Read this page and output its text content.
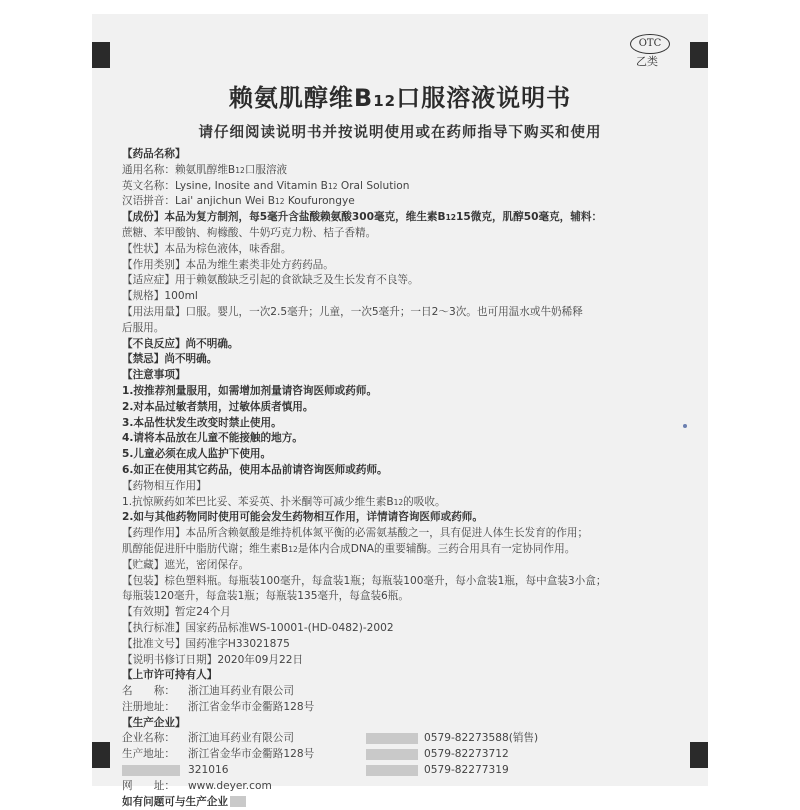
OTC
乙类
赖氨肌醇维B12口服溶液说明书
请仔细阅读说明书并按说明使用或在药师指导下购买和使用
【药品名称】
通用名称：赖氨肌醇维B12口服溶液
英文名称：Lysine, Inosite and Vitamin B12 Oral Solution
汉语拼音：Lai' anjichun Wei B12 Koufurongye
【成份】本品为复方制剂，每5毫升含盐酸赖氨酸300毫克，维生素B1215微克，肌醇50毫克，辅料：
蔗糖、苯甲酸钠、枸橼酸、牛奶巧克力粉、桔子香精。
【性状】本品为棕色液体，味香甜。
【作用类别】本品为维生素类非处方药药品。
【适应症】用于赖氨酸缺乏引起的食欲缺乏及生长发育不良等。
【规格】100ml
【用法用量】口服。婴儿，一次2.5毫升；儿童，一次5毫升；一日2～3次。也可用温水或牛奶稀释
后服用。
【不良反应】尚不明确。
【禁忌】尚不明确。
【注意事项】
1.按推荐剂量服用，如需增加剂量请咨询医师或药师。
2.对本品过敏者禁用，过敏体质者慎用。
3.本品性状发生改变时禁止使用。
4.请将本品放在儿童不能接触的地方。
5.儿童必须在成人监护下使用。
6.如正在使用其它药品，使用本品前请咨询医师或药师。
【药物相互作用】
1.抗惊厥药如苯巴比妥、苯妥英、扑米酮等可减少维生素B12的吸收。
2.如与其他药物同时使用可能会发生药物相互作用，详情请咨询医师或药师。
【药理作用】本品所含赖氨酸是维持机体氮平衡的必需氨基酸之一，具有促进人体生长发育的作用；
肌醇能促进肝中脂肪代谢；维生素B12是体内合成DNA的重要辅酶。三药合用具有一定协同作用。
【贮藏】遮光，密闭保存。
【包装】棕色塑料瓶。每瓶装100毫升，每盒装1瓶；每瓶装100毫升，每小盒装1瓶，每中盒装3小盒；
每瓶装120毫升，每盒装1瓶；每瓶装135毫升，每盒装6瓶。
【有效期】暂定24个月
【执行标准】国家药品标准WS-10001-(HD-0482)-2002
【批准文号】国药准字H33021875
【说明书修订日期】2020年09月22日
【上市许可持有人】
名　　称： 浙江迪耳药业有限公司
注册地址： 浙江省金华市金衢路128号
【生产企业】
企业名称： 浙江迪耳药业有限公司	0579-82273588(销售)
生产地址： 浙江省金华市金衢路128号	0579-82273712
321016	0579-82277319
网　　址： www.deyer.com
如有问题可与生产企业
